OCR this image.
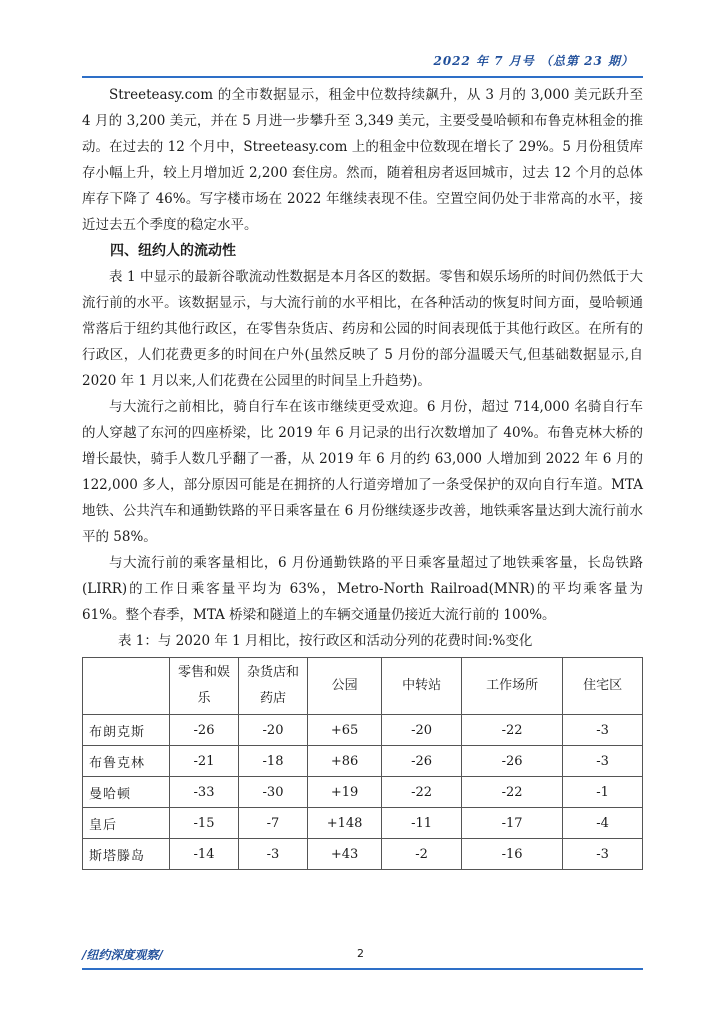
2022 年 7 月号 （总第 23 期）

Streeteasy.com 的全市数据显示，租金中位数持续飙升，从 3 月的 3,000 美元跃升至 4 月的 3,200 美元，并在 5 月进一步攀升至 3,349 美元，主要受曼哈顿和布鲁克林租金的推动。在过去的 12 个月中，Streeteasy.com 上的租金中位数现在增长了 29%。5 月份租赁库存小幅上升，较上月增加近 2,200 套住房。然而，随着租房者返回城市，过去 12 个月的总体库存下降了 46%。写字楼市场在 2022 年继续表现不佳。空置空间仍处于非常高的水平，接近过去五个季度的稳定水平。

四、纽约人的流动性

表 1 中显示的最新谷歌流动性数据是本月各区的数据。零售和娱乐场所的时间仍然低于大流行前的水平。该数据显示，与大流行前的水平相比，在各种活动的恢复时间方面，曼哈顿通常落后于纽约其他行政区，在零售杂货店、药房和公园的时间表现低于其他行政区。在所有的行政区，人们花费更多的时间在户外(虽然反映了 5 月份的部分温暖天气,但基础数据显示,自 2020 年 1 月以来,人们花费在公园里的时间呈上升趋势)。

与大流行之前相比，骑自行车在该市继续更受欢迎。6 月份，超过 714,000 名骑自行车的人穿越了东河的四座桥梁，比 2019 年 6 月记录的出行次数增加了 40%。布鲁克林大桥的增长最快，骑手人数几乎翻了一番，从 2019 年 6 月的约 63,000 人增加到 2022 年 6 月的 122,000 多人，部分原因可能是在拥挤的人行道旁增加了一条受保护的双向自行车道。MTA 地铁、公共汽车和通勤铁路的平日乘客量在 6 月份继续逐步改善，地铁乘客量达到大流行前水平的 58%。

与大流行前的乘客量相比，6 月份通勤铁路的平日乘客量超过了地铁乘客量，长岛铁路(LIRR)的工作日乘客量平均为 63%，Metro-North Railroad(MNR)的平均乘客量为 61%。整个春季，MTA 桥梁和隧道上的车辆交通量仍接近大流行前的 100%。

表 1：与 2020 年 1 月相比，按行政区和活动分列的花费时间:%变化
	零售和娱乐	杂货店和药店	公园	中转站	工作场所	住宅区
布朗克斯	-26	-20	+65	-20	-22	-3
布鲁克林	-21	-18	+86	-26	-26	-3
曼哈顿	-33	-30	+19	-22	-22	-1
皇后	-15	-7	+148	-11	-17	-4
斯塔滕岛	-14	-3	+43	-2	-16	-3
/纽约深度观察/	2
